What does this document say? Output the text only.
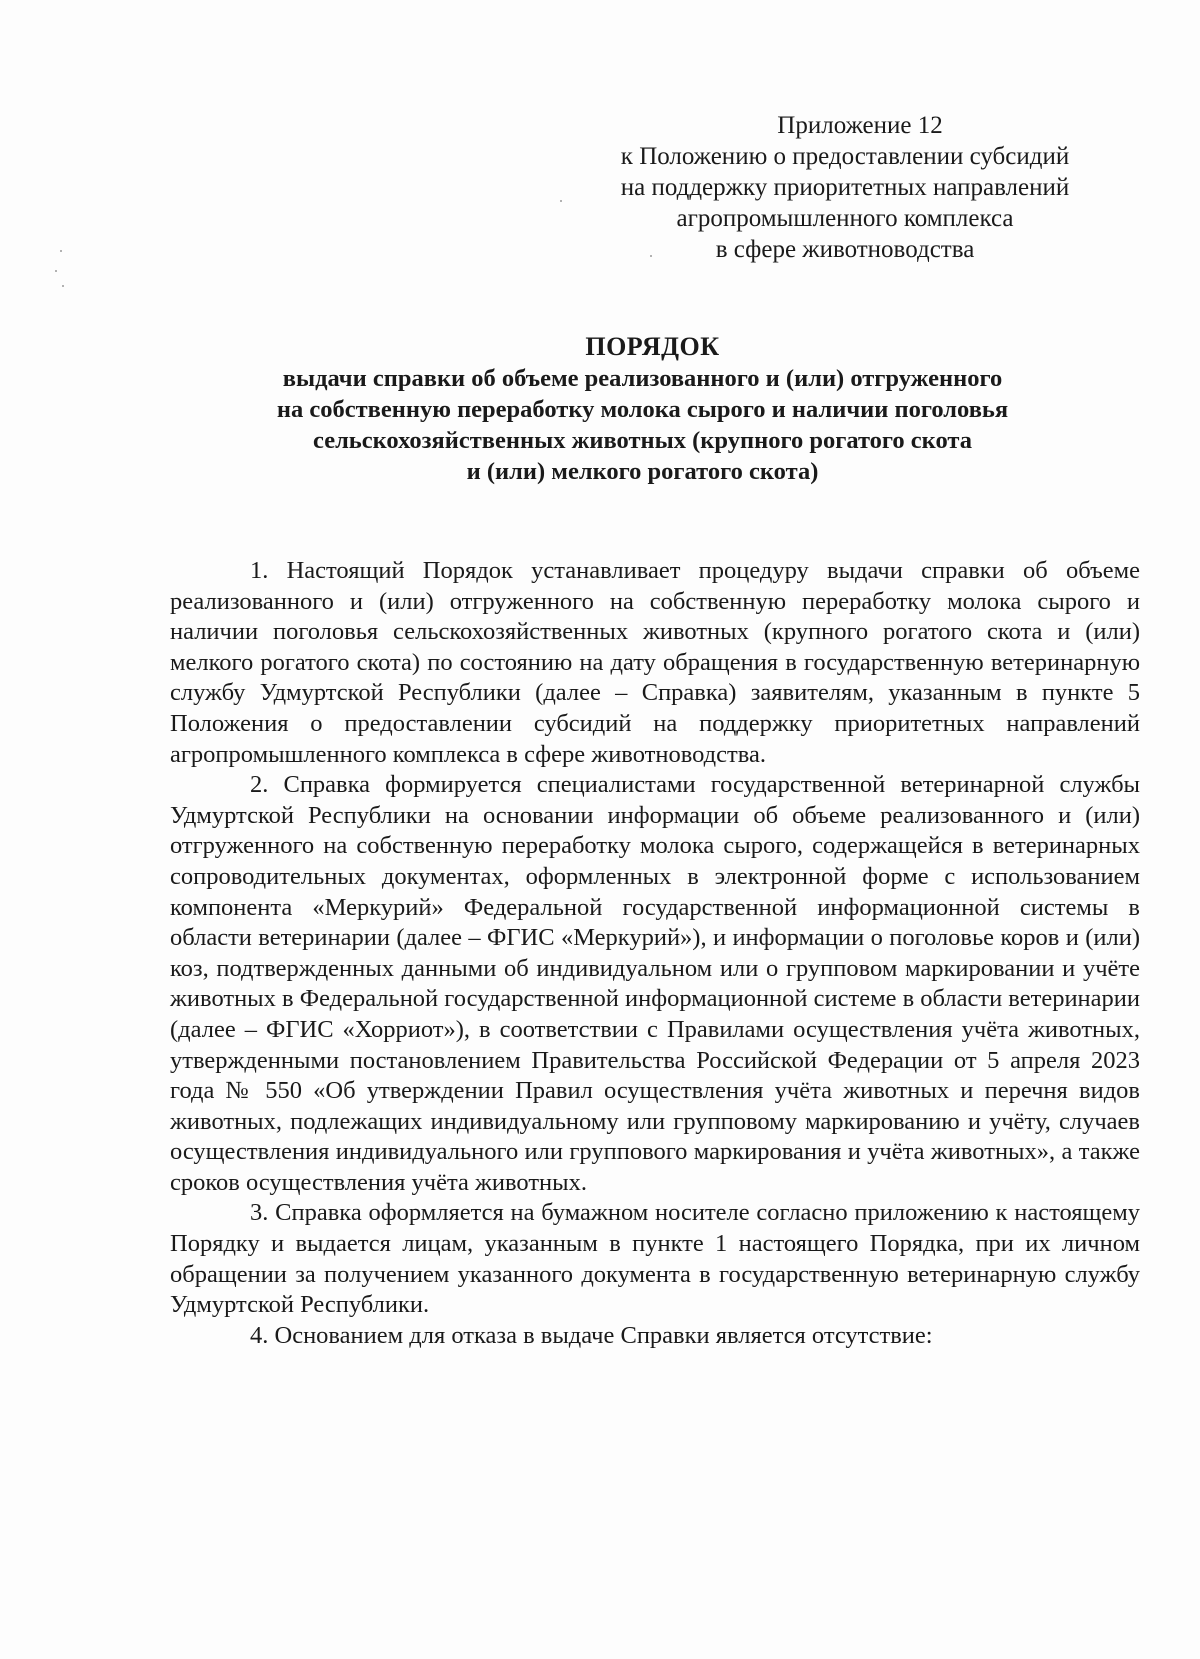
Приложение 12
к Положению о предоставлении субсидий
на поддержку приоритетных направлений
агропромышленного комплекса
в сфере животноводства
ПОРЯДОК
выдачи справки об объеме реализованного и (или) отгруженного
на собственную переработку молока сырого и наличии поголовья
сельскохозяйственных животных (крупного рогатого скота
и (или) мелкого рогатого скота)

1. Настоящий Порядок устанавливает процедуру выдачи справки об объеме реализованного и (или) отгруженного на собственную переработку молока сырого и наличии поголовья сельскохозяйственных животных (крупного рогатого скота и (или) мелкого рогатого скота) по состоянию на дату обращения в государственную ветеринарную службу Удмуртской Республики (далее – Справка) заявителям, указанным в пункте 5 Положения о предоставлении субсидий на поддержку приоритетных направлений агропромышленного комплекса в сфере животноводства.

2. Справка формируется специалистами государственной ветеринарной службы Удмуртской Республики на основании информации об объеме реализованного и (или) отгруженного на собственную переработку молока сырого, содержащейся в ветеринарных сопроводительных документах, оформленных в электронной форме с использованием компонента «Меркурий» Федеральной государственной информационной системы в области ветеринарии (далее – ФГИС «Меркурий»), и информации о поголовье коров и (или) коз, подтвержденных данными об индивидуальном или о групповом маркировании и учёте животных в Федеральной государственной информационной системе в области ветеринарии (далее – ФГИС «Хорриот»), в соответствии с Правилами осуществления учёта животных, утвержденными постановлением Правительства Российской Федерации от 5 апреля 2023 года № 550 «Об утверждении Правил осуществления учёта животных и перечня видов животных, подлежащих индивидуальному или групповому маркированию и учёту, случаев осуществления индивидуального или группового маркирования и учёта животных», а также сроков осуществления учёта животных.

3. Справка оформляется на бумажном носителе согласно приложению к настоящему Порядку и выдается лицам, указанным в пункте 1 настоящего Порядка, при их личном обращении за получением указанного документа в государственную ветеринарную службу Удмуртской Республики.

4. Основанием для отказа в выдаче Справки является отсутствие:
